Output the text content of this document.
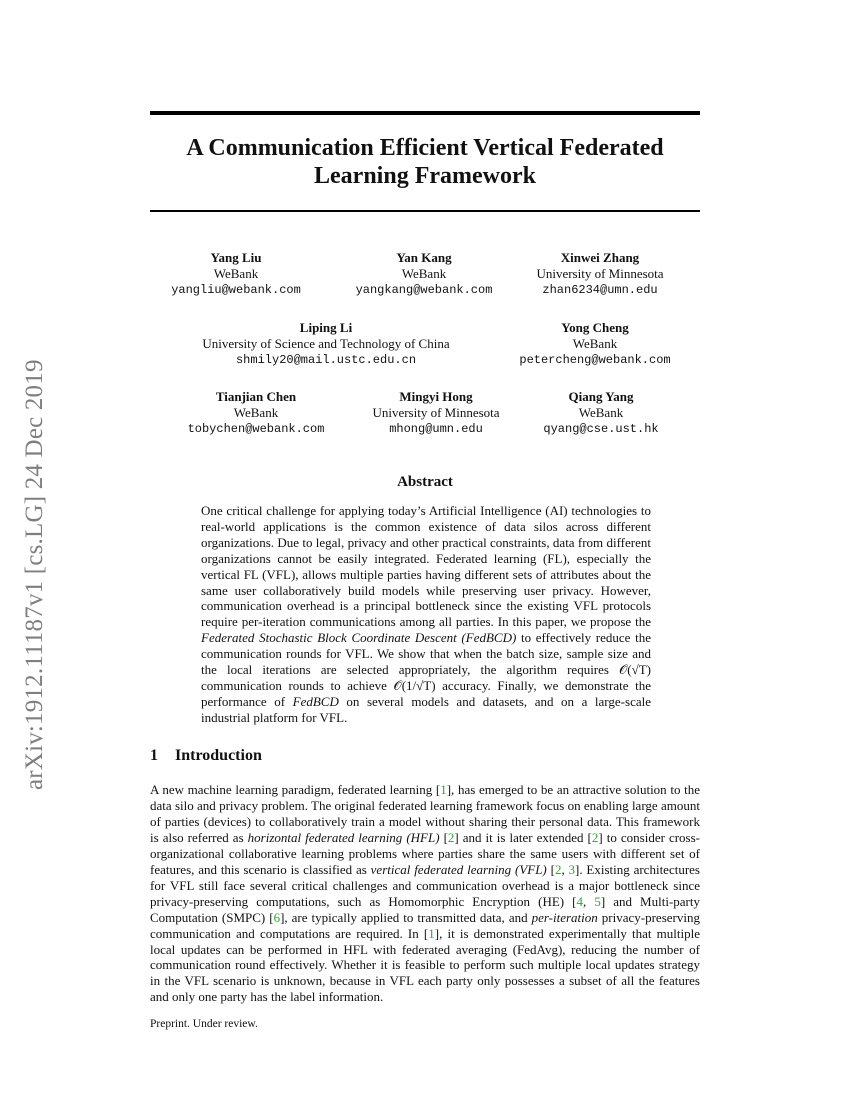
arXiv:1912.11187v1 [cs.LG] 24 Dec 2019
A Communication Efficient Vertical Federated
Learning Framework
Yang Liu
WeBank
yangliu@webank.com
Yan Kang
WeBank
yangkang@webank.com
Xinwei Zhang
University of Minnesota
zhan6234@umn.edu
Liping Li
University of Science and Technology of China
shmily20@mail.ustc.edu.cn
Yong Cheng
WeBank
petercheng@webank.com
Tianjian Chen
WeBank
tobychen@webank.com
Mingyi Hong
University of Minnesota
mhong@umn.edu
Qiang Yang
WeBank
qyang@cse.ust.hk
Abstract
One critical challenge for applying today’s Artificial Intelligence (AI) technologies to real-world applications is the common existence of data silos across different organizations. Due to legal, privacy and other practical constraints, data from different organizations cannot be easily integrated. Federated learning (FL), especially the vertical FL (VFL), allows multiple parties having different sets of attributes about the same user collaboratively build models while preserving user privacy. However, communication overhead is a principal bottleneck since the existing VFL protocols require per-iteration communications among all parties. In this paper, we propose the Federated Stochastic Block Coordinate Descent (FedBCD) to effectively reduce the communication rounds for VFL. We show that when the batch size, sample size and the local iterations are selected appropriately, the algorithm requires 𝒪(√T) communication rounds to achieve 𝒪(1/√T) accuracy. Finally, we demonstrate the performance of FedBCD on several models and datasets, and on a large-scale industrial platform for VFL.
1 Introduction
A new machine learning paradigm, federated learning [1], has emerged to be an attractive solution to the data silo and privacy problem. The original federated learning framework focus on enabling large amount of parties (devices) to collaboratively train a model without sharing their personal data. This framework is also referred as horizontal federated learning (HFL) [2] and it is later extended [2] to consider cross-organizational collaborative learning problems where parties share the same users with different set of features, and this scenario is classified as vertical federated learning (VFL) [2, 3]. Existing architectures for VFL still face several critical challenges and communication overhead is a major bottleneck since privacy-preserving computations, such as Homomorphic Encryption (HE) [4, 5] and Multi-party Computation (SMPC) [6], are typically applied to transmitted data, and per-iteration privacy-preserving communication and computations are required. In [1], it is demonstrated experimentally that multiple local updates can be performed in HFL with federated averaging (FedAvg), reducing the number of communication round effectively. Whether it is feasible to perform such multiple local updates strategy in the VFL scenario is unknown, because in VFL each party only possesses a subset of all the features and only one party has the label information.
Preprint. Under review.
